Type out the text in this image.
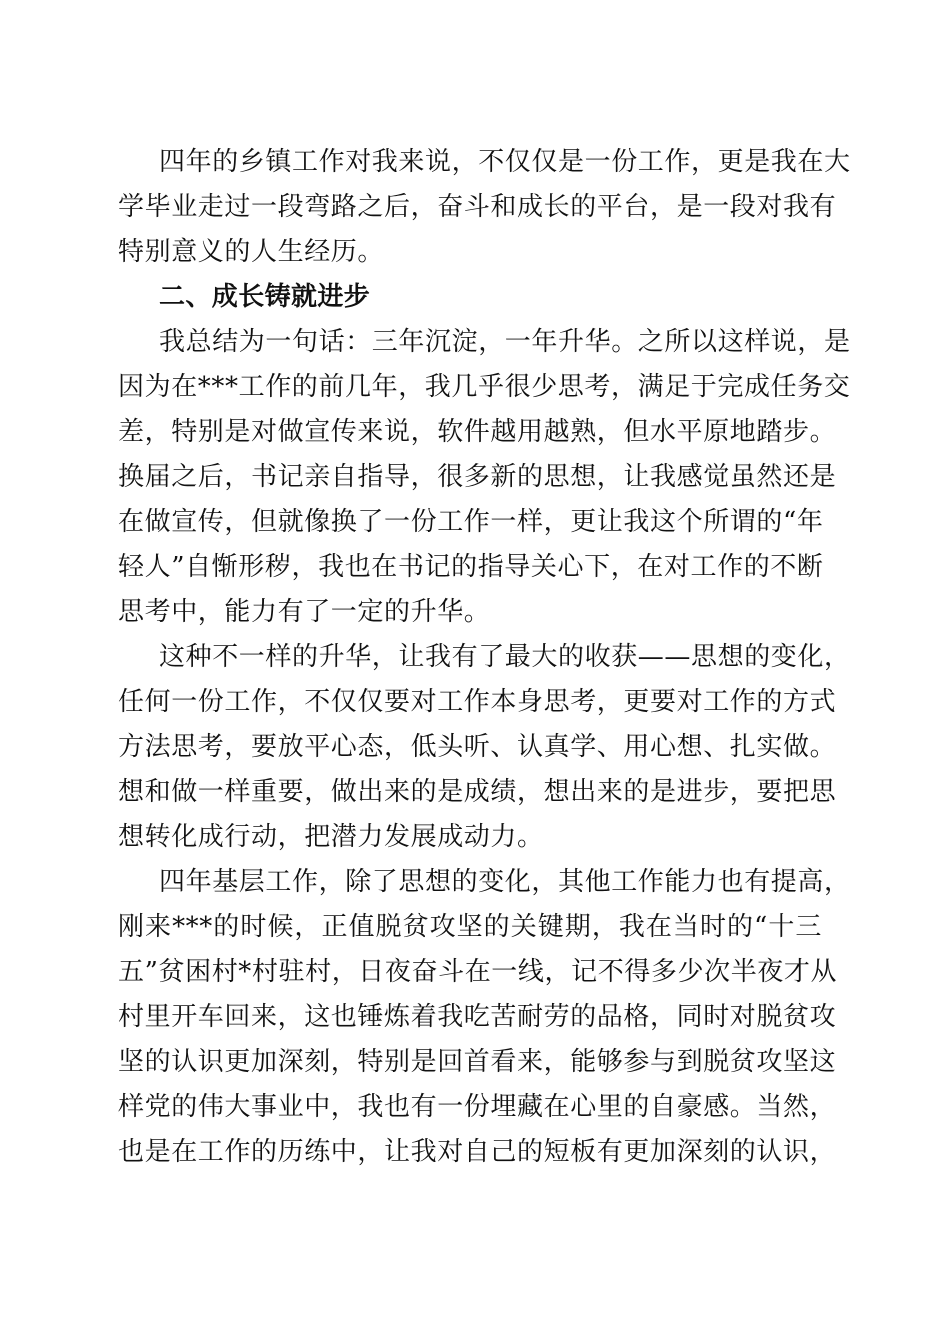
四年的乡镇工作对我来说，不仅仅是一份工作，更是我在大
学毕业走过一段弯路之后，奋斗和成长的平台，是一段对我有
特别意义的人生经历。
二、成长铸就进步
我总结为一句话：三年沉淀，一年升华。之所以这样说，是
因为在***工作的前几年，我几乎很少思考，满足于完成任务交
差，特别是对做宣传来说，软件越用越熟，但水平原地踏步。
换届之后，书记亲自指导，很多新的思想，让我感觉虽然还是
在做宣传，但就像换了一份工作一样，更让我这个所谓的“年
轻人”自惭形秽，我也在书记的指导关心下，在对工作的不断
思考中，能力有了一定的升华。
这种不一样的升华，让我有了最大的收获——思想的变化，
任何一份工作，不仅仅要对工作本身思考，更要对工作的方式
方法思考，要放平心态，低头听、认真学、用心想、扎实做。
想和做一样重要，做出来的是成绩，想出来的是进步，要把思
想转化成行动，把潜力发展成动力。
四年基层工作，除了思想的变化，其他工作能力也有提高，
刚来***的时候，正值脱贫攻坚的关键期，我在当时的“十三
五”贫困村*村驻村，日夜奋斗在一线，记不得多少次半夜才从
村里开车回来，这也锤炼着我吃苦耐劳的品格，同时对脱贫攻
坚的认识更加深刻，特别是回首看来，能够参与到脱贫攻坚这
样党的伟大事业中，我也有一份埋藏在心里的自豪感。当然，
也是在工作的历练中，让我对自己的短板有更加深刻的认识，
